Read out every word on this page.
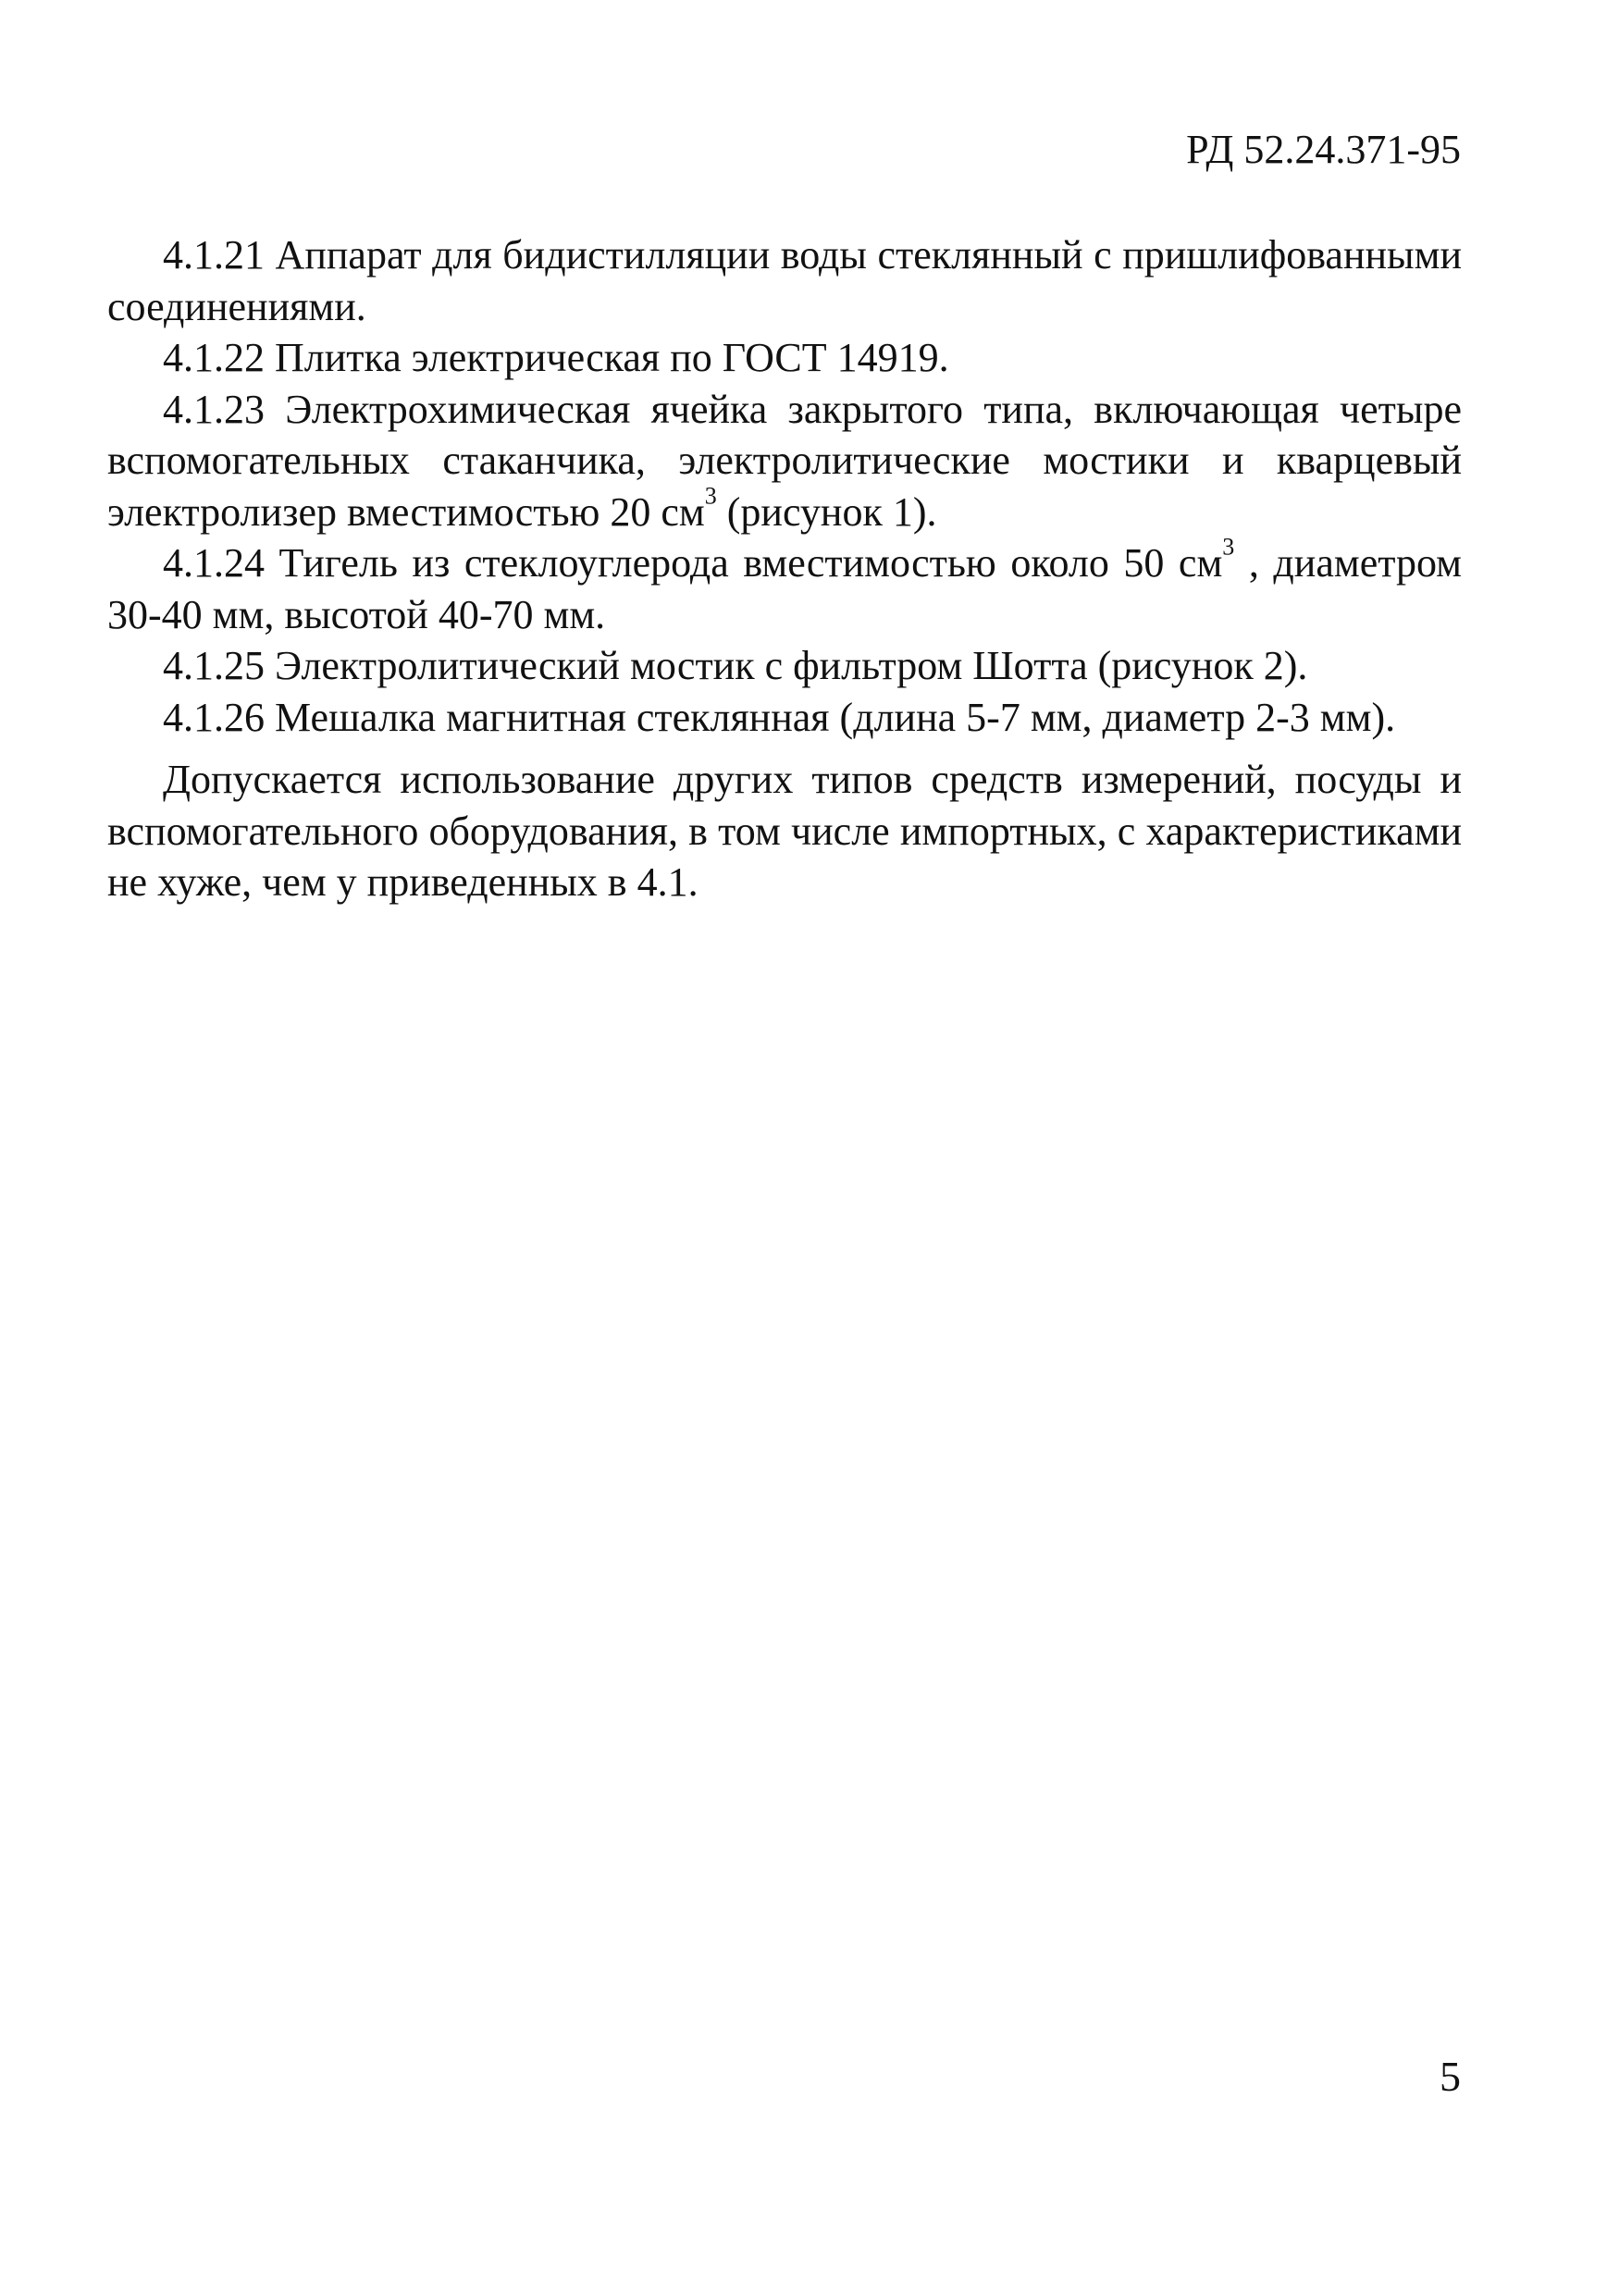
РД 52.24.371-95

4.1.21 Аппарат для бидистилляции воды стеклянный с пришлифованными соединениями.

4.1.22 Плитка электрическая по ГОСТ 14919.

4.1.23 Электрохимическая ячейка закрытого типа, включающая четыре вспомогательных стаканчика, электролитические мостики и кварцевый электролизер вместимостью 20 $см^3$ (рисунок 1).

4.1.24 Тигель из стеклоуглерода вместимостью около 50 $см^3$ , диаметром 30-40 мм, высотой 40-70 мм.

4.1.25 Электролитический мостик с фильтром Шотта (рисунок 2).

4.1.26 Мешалка магнитная стеклянная (длина 5-7 мм, диаметр 2-3 мм).

Допускается использование других типов средств измерений, посуды и вспомогательного оборудования, в том числе импортных, с характеристиками не хуже, чем у приведенных в 4.1.

5
